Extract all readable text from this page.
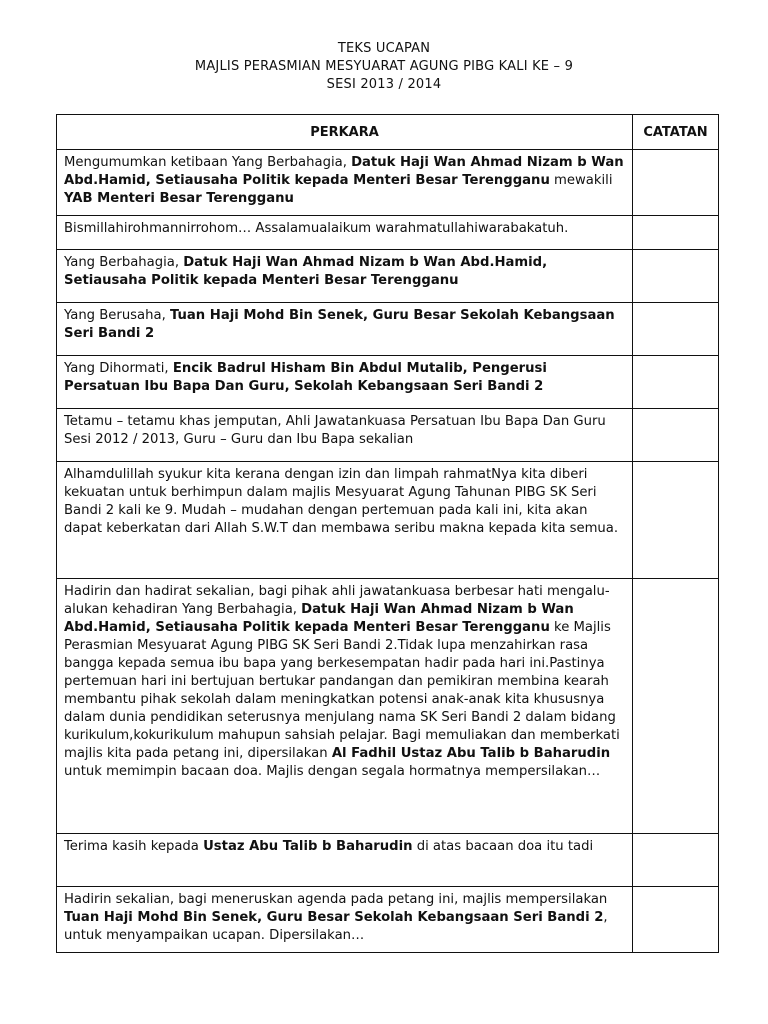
TEKS UCAPAN
MAJLIS PERASMIAN MESYUARAT AGUNG PIBG KALI KE – 9
SESI 2013 / 2014
PERKARA	CATATAN
Mengumumkan ketibaan Yang Berbahagia, Datuk Haji Wan Ahmad Nizam b Wan Abd.Hamid, Setiausaha Politik kepada Menteri Besar Terengganu mewakili YAB Menteri Besar Terengganu	
Bismillahirohmannirrohom… Assalamualaikum warahmatullahiwarabakatuh.	
Yang Berbahagia, Datuk Haji Wan Ahmad Nizam b Wan Abd.Hamid, Setiausaha Politik kepada Menteri Besar Terengganu	
Yang Berusaha, Tuan Haji Mohd Bin Senek, Guru Besar Sekolah Kebangsaan Seri Bandi 2	
Yang Dihormati, Encik Badrul Hisham Bin Abdul Mutalib, Pengerusi Persatuan Ibu Bapa Dan Guru, Sekolah Kebangsaan Seri Bandi 2	
Tetamu – tetamu khas jemputan, Ahli Jawatankuasa Persatuan Ibu Bapa Dan Guru Sesi 2012 / 2013, Guru – Guru dan Ibu Bapa sekalian	
Alhamdulillah syukur kita kerana dengan izin dan limpah rahmatNya kita diberi kekuatan untuk berhimpun dalam majlis Mesyuarat Agung Tahunan PIBG SK Seri Bandi 2 kali ke 9. Mudah – mudahan dengan pertemuan pada kali ini, kita akan dapat keberkatan dari Allah S.W.T dan membawa seribu makna kepada kita semua.	
Hadirin dan hadirat sekalian, bagi pihak ahli jawatankuasa berbesar hati mengalu-alukan kehadiran Yang Berbahagia, Datuk Haji Wan Ahmad Nizam b Wan Abd.Hamid, Setiausaha Politik kepada Menteri Besar Terengganu ke Majlis Perasmian Mesyuarat Agung PIBG SK Seri Bandi 2.Tidak lupa menzahirkan rasa bangga kepada semua ibu bapa yang berkesempatan hadir pada hari ini.Pastinya pertemuan hari ini bertujuan bertukar pandangan dan pemikiran membina kearah membantu pihak sekolah dalam meningkatkan potensi anak-anak kita khususnya dalam dunia pendidikan seterusnya menjulang nama SK Seri Bandi 2 dalam bidang kurikulum,kokurikulum mahupun sahsiah pelajar. Bagi memuliakan dan memberkati majlis kita pada petang ini, dipersilakan Al Fadhil Ustaz Abu Talib b Baharudin untuk memimpin bacaan doa. Majlis dengan segala hormatnya mempersilakan…	
Terima kasih kepada Ustaz Abu Talib b Baharudin di atas bacaan doa itu tadi	
Hadirin sekalian, bagi meneruskan agenda pada petang ini, majlis mempersilakan Tuan Haji Mohd Bin Senek, Guru Besar Sekolah Kebangsaan Seri Bandi 2, untuk menyampaikan ucapan. Dipersilakan…	
